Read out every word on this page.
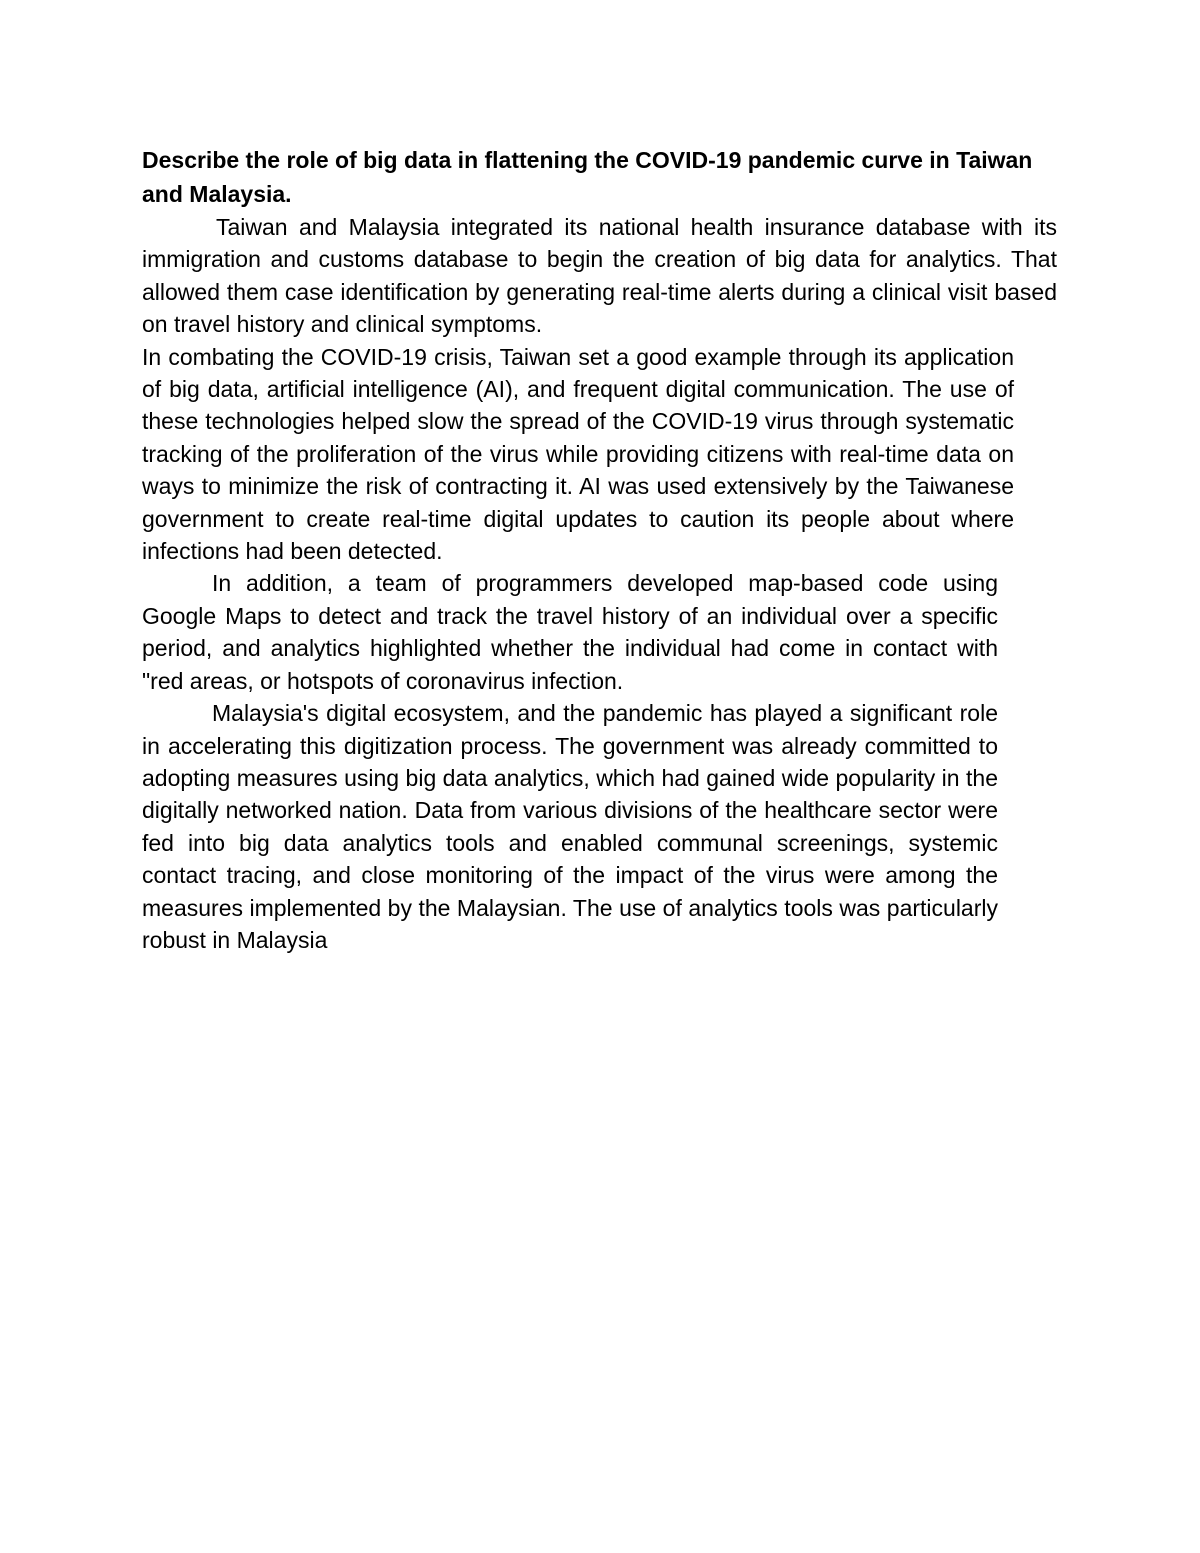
Describe the role of big data in flattening the COVID-19 pandemic curve in Taiwan and Malaysia.

Taiwan and Malaysia integrated its national health insurance database with its immigration and customs database to begin the creation of big data for analytics. That allowed them case identification by generating real-time alerts during a clinical visit based on travel history and clinical symptoms.

In combating the COVID-19 crisis, Taiwan set a good example through its application of big data, artificial intelligence (AI), and frequent digital communication. The use of these technologies helped slow the spread of the COVID-19 virus through systematic tracking of the proliferation of the virus while providing citizens with real-time data on ways to minimize the risk of contracting it. AI was used extensively by the Taiwanese government to create real-time digital updates to caution its people about where infections had been detected.

In addition, a team of programmers developed map-based code using Google Maps to detect and track the travel history of an individual over a specific period, and analytics highlighted whether the individual had come in contact with "red areas, or hotspots of coronavirus infection.

Malaysia's digital ecosystem, and the pandemic has played a significant role in accelerating this digitization process. The government was already committed to adopting measures using big data analytics, which had gained wide popularity in the digitally networked nation. Data from various divisions of the healthcare sector were fed into big data analytics tools and enabled communal screenings, systemic contact tracing, and close monitoring of the impact of the virus were among the measures implemented by the Malaysian. The use of analytics tools was particularly robust in Malaysia
